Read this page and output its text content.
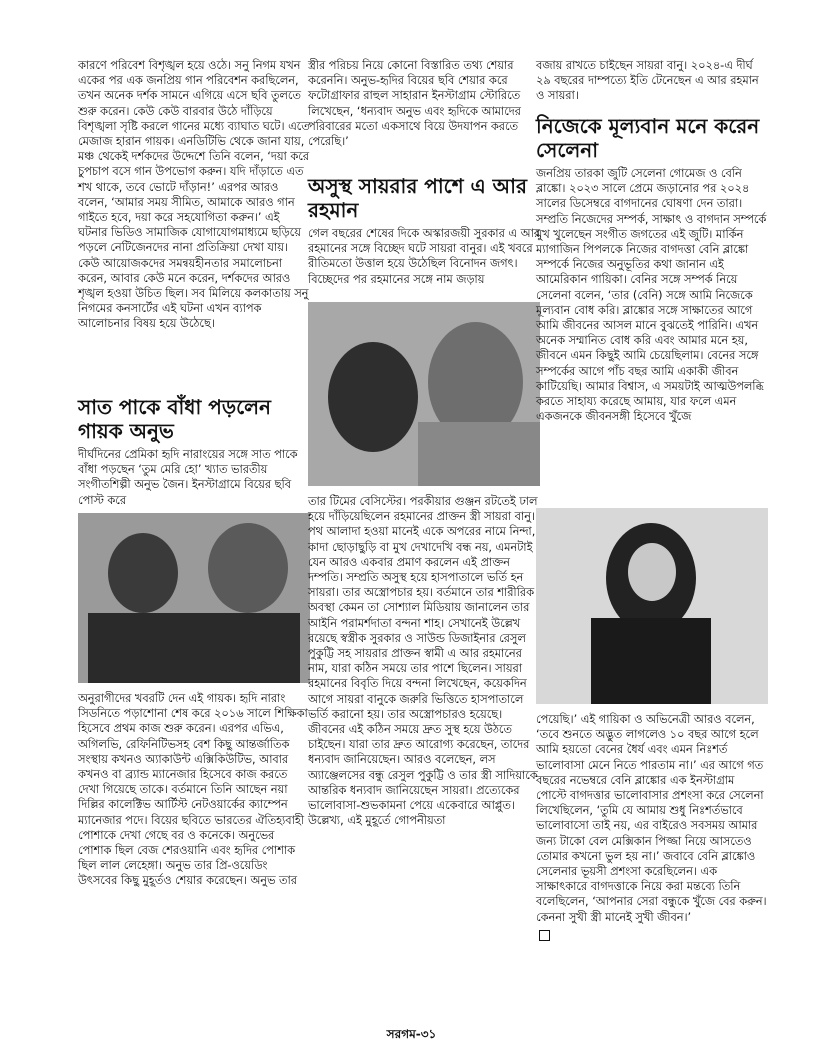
কারণে পরিবেশ বিশৃঙ্খল হয়ে ওঠে। সনু নিগম যখন একের পর এক জনপ্রিয় গান পরিবেশন করছিলেন, তখন অনেক দর্শক সামনে এগিয়ে এসে ছবি তুলতে শুরু করেন। কেউ কেউ বারবার উঠে দাঁড়িয়ে বিশৃঙ্খলা সৃষ্টি করলে গানের মধ্যে ব্যাঘাত ঘটে। এতে মেজাজ হারান গায়ক। এনডিটিভি থেকে জানা যায়, মঞ্চ থেকেই দর্শকদের উদ্দেশে তিনি বলেন, ‘দয়া করে চুপচাপ বসে গান উপভোগ করুন। যদি দাঁড়াতে এত শখ থাকে, তবে ভোটে দাঁড়ান!’ এরপর আরও বলেন, ‘আমার সময় সীমিত, আমাকে আরও গান গাইতে হবে, দয়া করে সহযোগিতা করুন।’ এই ঘটনার ভিডিও সামাজিক যোগাযোগমাধ্যমে ছড়িয়ে পড়লে নেটিজেনদের নানা প্রতিক্রিয়া দেখা যায়। কেউ আয়োজকদের সমন্বয়হীনতার সমালোচনা করেন, আবার কেউ মনে করেন, দর্শকদের আরও শৃঙ্খল হওয়া উচিত ছিল। সব মিলিয়ে কলকাতায় সনু নিগমের কনসার্টের এই ঘটনা এখন ব্যাপক আলোচনার বিষয় হয়ে উঠেছে।

সাত পাকে বাঁধা পড়লেন গায়ক অনুভ

দীর্ঘদিনের প্রেমিকা হৃদি নারাংয়ের সঙ্গে সাত পাকে বাঁধা পড়ছেন ‘তুম মেরি হো’ খ্যাত ভারতীয় সংগীতশিল্পী অনুভ জৈন। ইনস্টাগ্রামে বিয়ের ছবি পোস্ট করে

অনুরাগীদের খবরটি দেন এই গায়ক। হৃদি নারাং সিডনিতে পড়াশোনা শেষ করে ২০১৬ সালে শিক্ষিকা হিসেবে প্রথম কাজ শুরু করেন। এরপর এভিএ, অগিলভি, রেফিনিটিভসহ বেশ কিছু আন্তর্জাতিক সংস্থায় কখনও অ্যাকাউন্ট এক্সিকিউটিভ, আবার কখনও বা ব্র্যান্ড ম্যানেজার হিসেবে কাজ করতে দেখা গিয়েছে তাকে। বর্তমানে তিনি আছেন নয়া দিল্লির কালেক্টিভ আর্টিস্ট নেটওয়ার্কের ক্যাম্পেন ম্যানেজার পদে। বিয়ের ছবিতে ভারতের ঐতিহ্যবাহী পোশাকে দেখা গেছে বর ও কনেকে। অনুভের পোশাক ছিল বেজ শেরওয়ানি এবং হৃদির পোশাক ছিল লাল লেহেঙ্গা। অনুভ তার প্রি-ওয়েডিং উৎসবের কিছু মুহূর্তও শেয়ার করেছেন। অনুভ তার

স্ত্রীর পরিচয় নিয়ে কোনো বিস্তারিত তথ্য শেয়ার করেননি। অনুভ-হৃদির বিয়ের ছবি শেয়ার করে ফটোগ্রাফার রাহুল সাহারান ইনস্টাগ্রাম স্টোরিতে লিখেছেন, ‘ধন্যবাদ অনুভ এবং হৃদিকে আমাদের পরিবারের মতো একসাথে বিয়ে উদযাপন করতে পেরেছি।’

অসুস্থ সায়রার পাশে এ আর রহমান

গেল বছরের শেষের দিকে অস্কারজয়ী সুরকার এ আর রহমানের সঙ্গে বিচ্ছেদ ঘটে সায়রা বানুর। এই খবরে রীতিমতো উত্তাল হয়ে উঠেছিল বিনোদন জগৎ। বিচ্ছেদের পর রহমানের সঙ্গে নাম জড়ায়

তার টিমের বেসিস্টের। পরকীয়ার গুঞ্জন রটতেই ঢাল হয়ে দাঁড়িয়েছিলেন রহমানের প্রাক্তন স্ত্রী সায়রা বানু। পথ আলাদা হওয়া মানেই একে অপরের নামে নিন্দা, কাদা ছোড়াছুড়ি বা মুখ দেখাদেখি বন্ধ নয়, এমনটাই যেন আরও একবার প্রমাণ করলেন এই প্রাক্তন দম্পতি। সম্প্রতি অসুস্থ হয়ে হাসপাতালে ভর্তি হন সায়রা। তার অস্ত্রোপচার হয়। বর্তমানে তার শারীরিক অবস্থা কেমন তা সোশ্যাল মিডিয়ায় জানালেন তার আইনি পরামর্শদাতা বন্দনা শাহ। সেখানেই উল্লেখ রয়েছে স্বস্ত্রীক সুরকার ও সাউন্ড ডিজাইনার রেসুল পুকুট্টি সহ সায়রার প্রাক্তন স্বামী এ আর রহমানের নাম, যারা কঠিন সময়ে তার পাশে ছিলেন। সায়রা রহমানের বিবৃতি দিয়ে বন্দনা লিখেছেন, কয়েকদিন আগে সায়রা বানুকে জরুরি ভিত্তিতে হাসপাতালে ভর্তি করানো হয়। তার অস্ত্রোপচারও হয়েছে। জীবনের এই কঠিন সময়ে দ্রুত সুস্থ হয়ে উঠতে চাইছেন। যারা তার দ্রুত আরোগ্য করেছেন, তাদের ধন্যবাদ জানিয়েছেন। আরও বলেছেন, লস অ্যাঞ্জেলসের বন্ধু রেসুল পুকুট্টি ও তার স্ত্রী সাদিয়াকে আন্তরিক ধন্যবাদ জানিয়েছেন সায়রা। প্রত্যেকের ভালোবাসা-শুভকামনা পেয়ে একেবারে আপ্লুত। উল্লেখ্য, এই মুহূর্তে গোপনীয়তা

বজায় রাখতে চাইছেন সায়রা বানু। ২০২৪-এ দীর্ঘ ২৯ বছরের দাম্পত্যে ইতি টেনেছেন এ আর রহমান ও সায়রা।

নিজেকে মূল্যবান মনে করেন সেলেনা

জনপ্রিয় তারকা জুটি সেলেনা গোমেজ ও বেনি ব্লাঙ্কো। ২০২৩ সালে প্রেমে জড়ানোর পর ২০২৪ সালের ডিসেম্বরে বাগদানের ঘোষণা দেন তারা। সম্প্রতি নিজেদের সম্পর্ক, সাক্ষাৎ ও বাগদান সম্পর্কে মুখ খুলেছেন সংগীত জগতের এই জুটি। মার্কিন ম্যাগাজিন পিপলকে নিজের বাগদত্তা বেনি ব্লাঙ্কো সম্পর্কে নিজের অনুভূতির কথা জানান এই আমেরিকান গায়িকা। বেনির সঙ্গে সম্পর্ক নিয়ে সেলেনা বলেন, ‘তার (বেনি) সঙ্গে আমি নিজেকে মূল্যবান বোধ করি। ব্লাঙ্কোর সঙ্গে সাক্ষাতের আগে আমি জীবনের আসল মানে বুঝতেই পারিনি। এখন অনেক সম্মানিত বোধ করি এবং আমার মনে হয়, জীবনে এমন কিছুই আমি চেয়েছিলাম। বেনের সঙ্গে সম্পর্কের আগে পাঁচ বছর আমি একাকী জীবন কাটিয়েছি। আমার বিশ্বাস, এ সময়টাই আত্মউপলব্ধি করতে সাহায্য করেছে আমায়, যার ফলে এমন একজনকে জীবনসঙ্গী হিসেবে খুঁজে

পেয়েছি।’ এই গায়িকা ও অভিনেত্রী আরও বলেন, ‘তবে শুনতে অদ্ভুত লাগলেও ১০ বছর আগে হলে আমি হয়তো বেনের ধৈর্য এবং এমন নিঃশর্ত ভালোবাসা মেনে নিতে পারতাম না।’ এর আগে গত বছরের নভেম্বরে বেনি ব্লাঙ্কোর এক ইনস্টাগ্রাম পোস্টে বাগদত্তার ভালোবাসার প্রশংসা করে সেলেনা লিখেছিলেন, ‘তুমি যে আমায় শুধু নিঃশর্তভাবে ভালোবাসো তাই নয়, এর বাইরেও সবসময় আমার জন্য টাকো বেল মেক্সিকান পিজ্জা নিয়ে আসতেও তোমার কখনো ভুল হয় না।’ জবাবে বেনি ব্লাঙ্কোও সেলেনার ভূয়সী প্রশংসা করেছিলেন। এক সাক্ষাৎকারে বাগদত্তাকে নিয়ে করা মন্তব্যে তিনি বলেছিলেন, ‘আপনার সেরা বন্ধুকে খুঁজে বের করুন। কেননা সুখী স্ত্রী মানেই সুখী জীবন।’

সরগম-৩১
